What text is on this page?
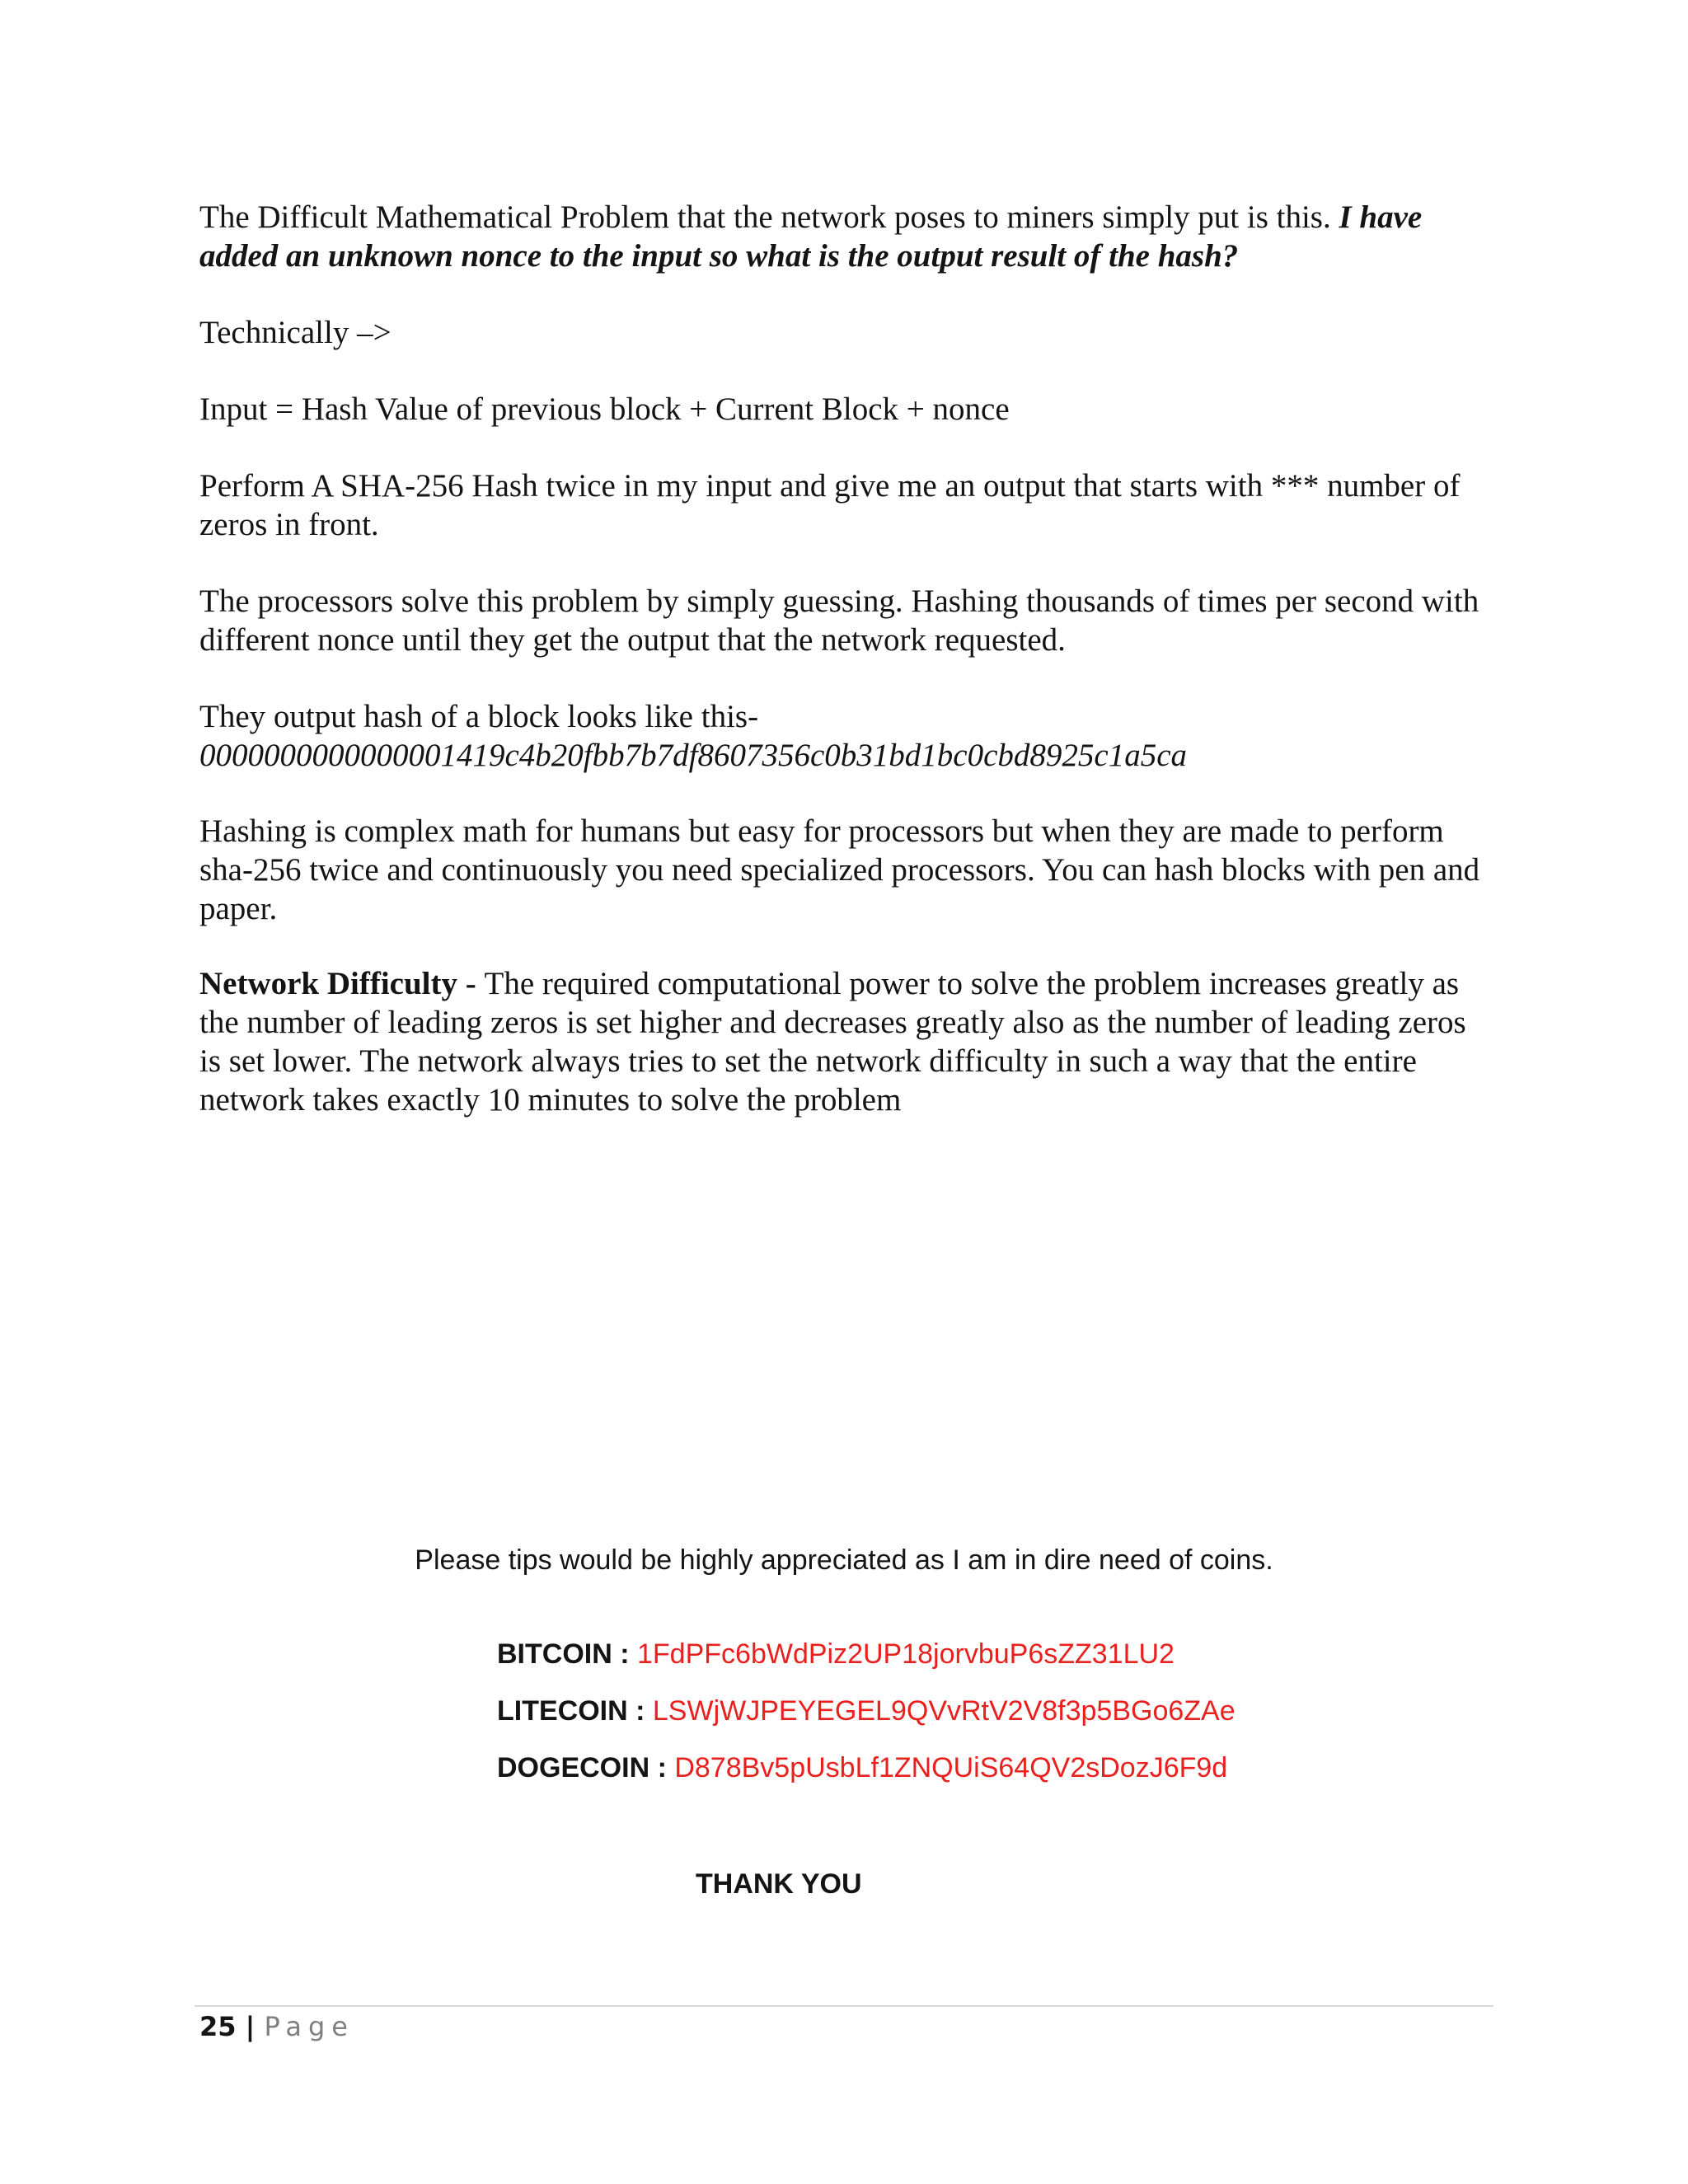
The Difficult Mathematical Problem that the network poses to miners simply put is this. I have added an unknown nonce to the input so what is the output result of the hash?

Technically –>

Input = Hash Value of previous block + Current Block + nonce

Perform A SHA-256 Hash twice in my input and give me an output that starts with *** number of zeros in front.

The processors solve this problem by simply guessing. Hashing thousands of times per second with different nonce until they get the output that the network requested.

They output hash of a block looks like this-
0000000000000001419c4b20fbb7b7df8607356c0b31bd1bc0cbd8925c1a5ca

Hashing is complex math for humans but easy for processors but when they are made to perform sha-256 twice and continuously you need specialized processors. You can hash blocks with pen and paper.

Network Difficulty - The required computational power to solve the problem increases greatly as the number of leading zeros is set higher and decreases greatly also as the number of leading zeros is set lower. The network always tries to set the network difficulty in such a way that the entire network takes exactly 10 minutes to solve the problem

Please tips would be highly appreciated as I am in dire need of coins.
BITCOIN : 1FdPFc6bWdPiz2UP18jorvbuP6sZZ31LU2
LITECOIN : LSWjWJPEYEGEL9QVvRtV2V8f3p5BGo6ZAe
DOGECOIN : D878Bv5pUsbLf1ZNQUiS64QV2sDozJ6F9d
THANK YOU
25 | Page
